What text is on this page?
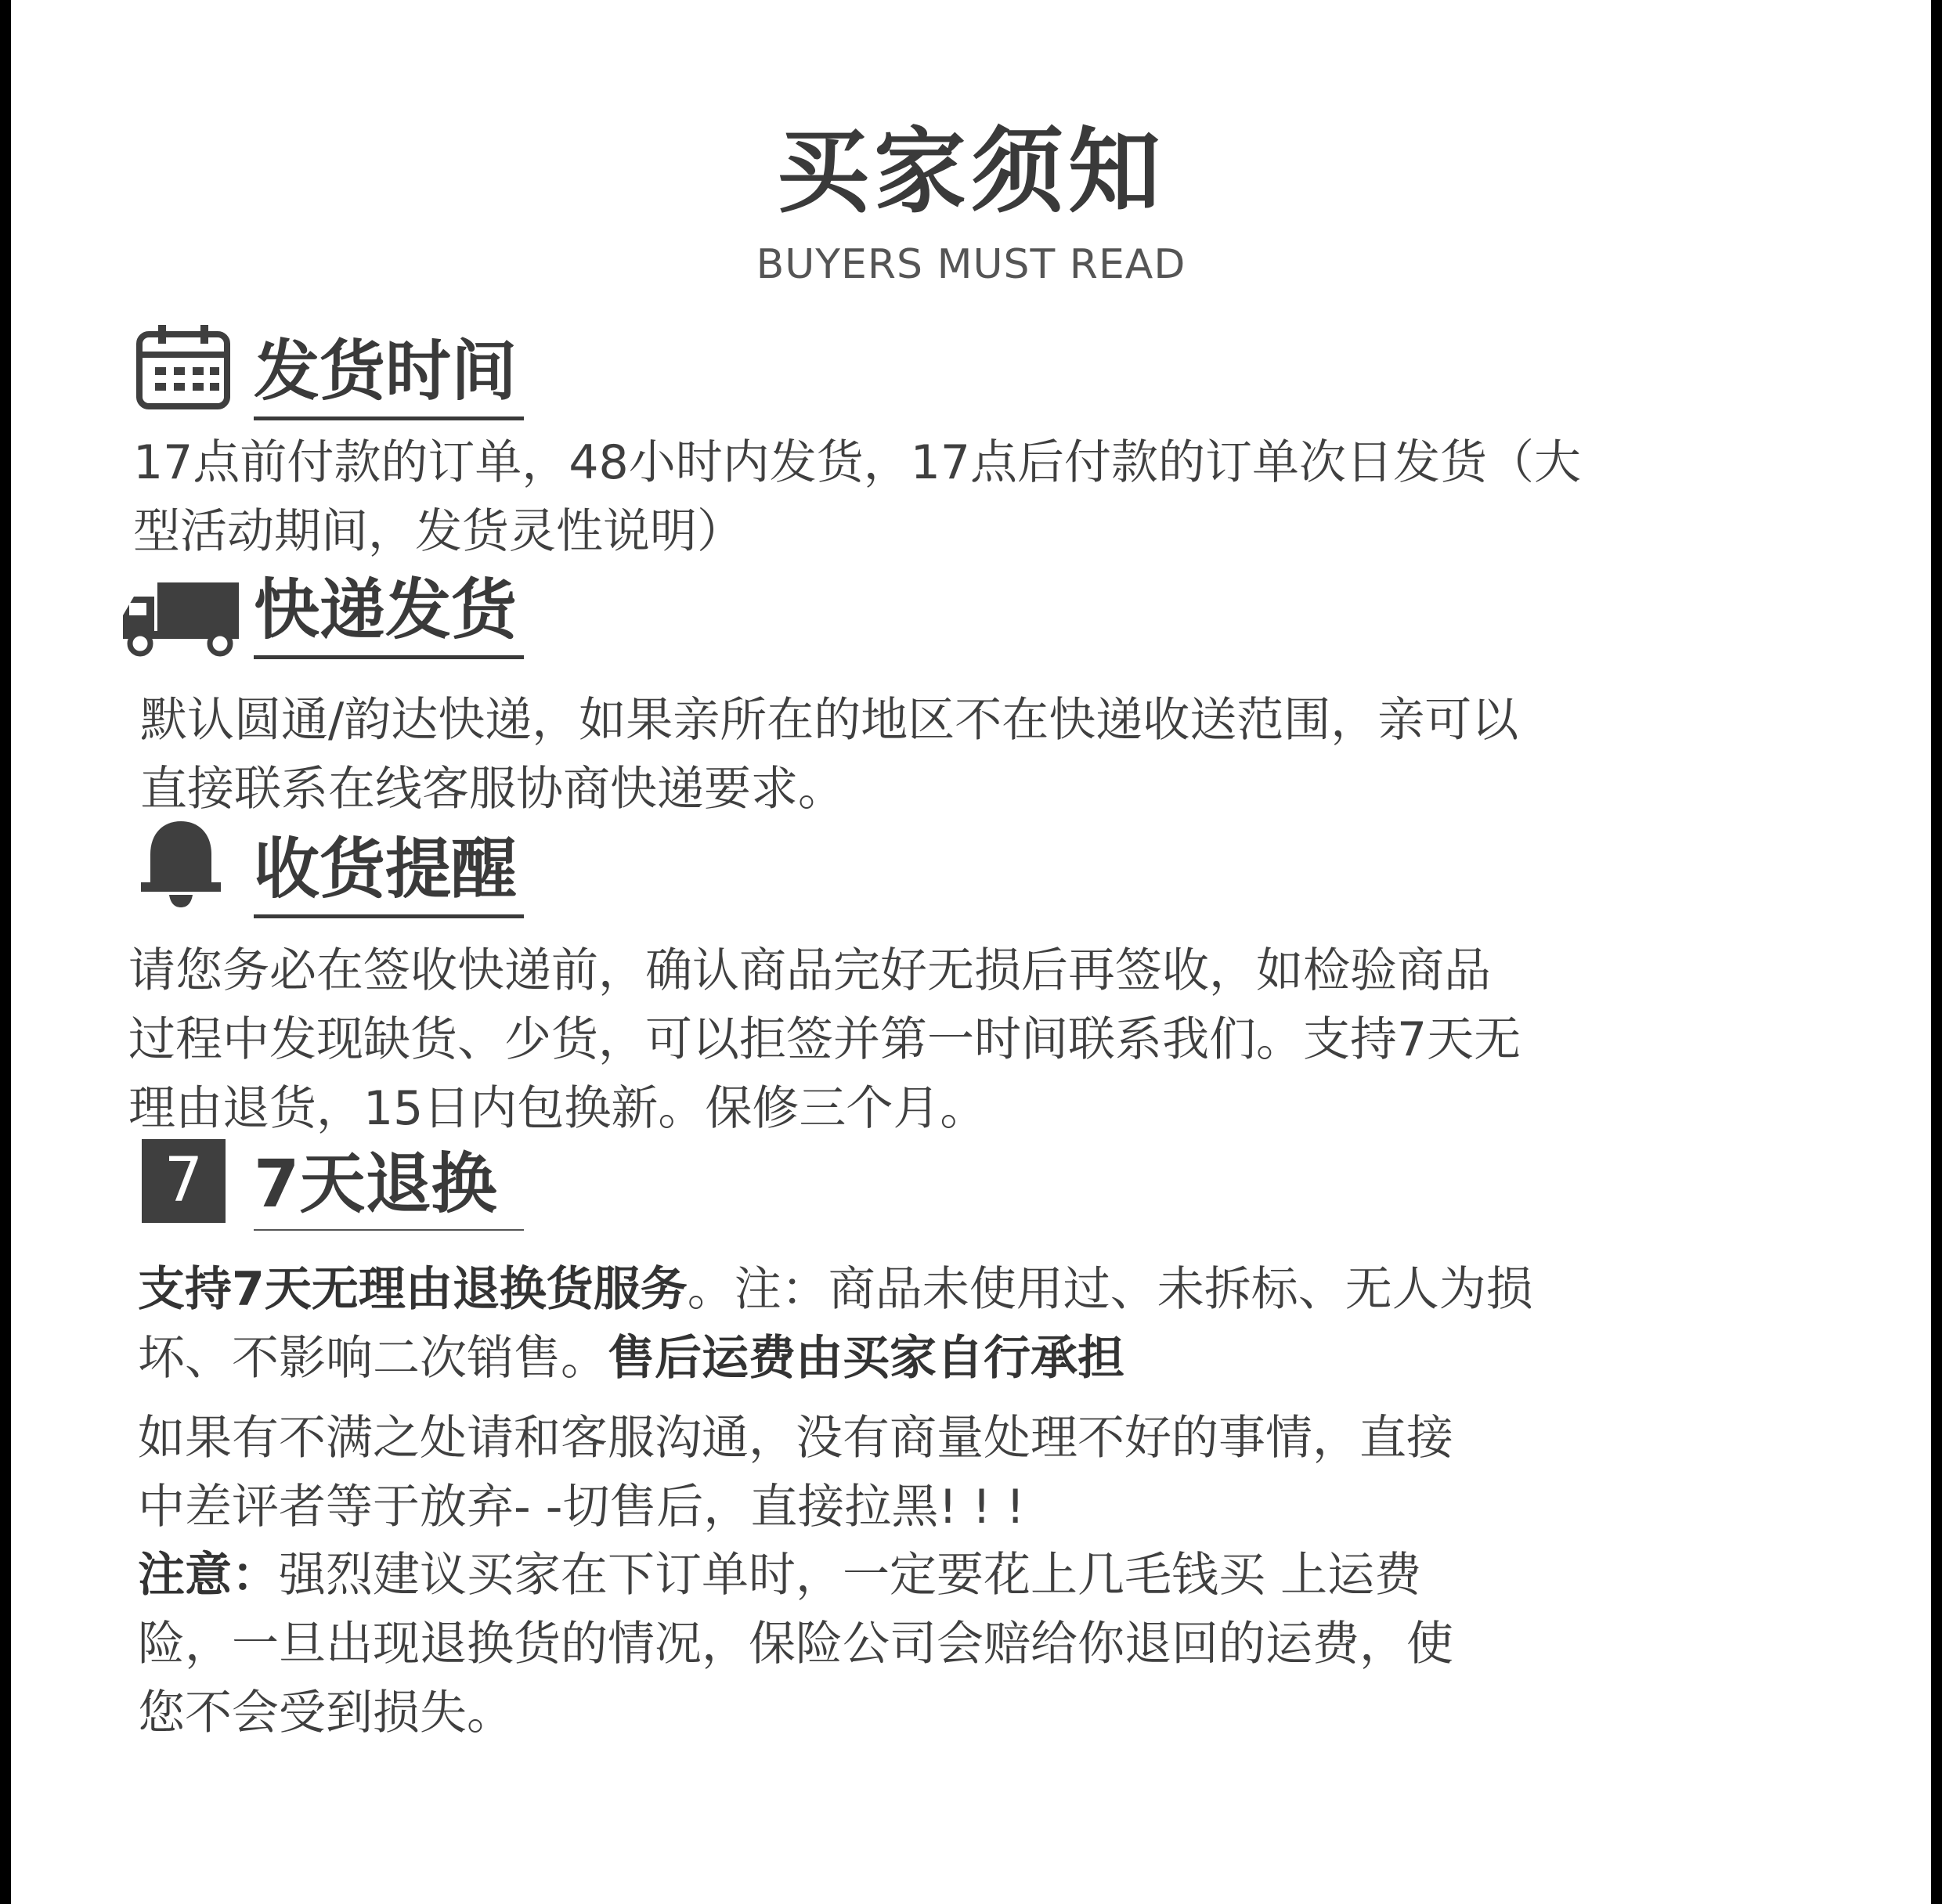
买家须知
BUYERS MUST READ
发货时间
17点前付款的订单，48小时内发货，17点后付款的订单次日发货（大
型活动期间，发货灵性说明）
快递发货
默认圆通/韵达快递，如果亲所在的地区不在快递收送范围，亲可以
直接联系在线客服协商快递要求。
收货提醒
请您务必在签收快递前，确认商品完好无损后再签收，如检验商品
过程中发现缺货、少货，可以拒签并第一时间联系我们。支持7天无
理由退货，15日内包换新。保修三个月。
7 7天退换
支持7天无理由退换货服务。注：商品未使用过、未拆标、无人为损
坏、不影响二次销售。售后运费由买家自行承担
如果有不满之处请和客服沟通，没有商量处理不好的事情，直接
中差评者等于放弃- -切售后，直接拉黑! ! !
注意：强烈建议买家在下订单时，一定要花上几毛钱买 上运费
险，一旦出现退换货的情况，保险公司会赔给你退回的运费，使
您不会受到损失。
